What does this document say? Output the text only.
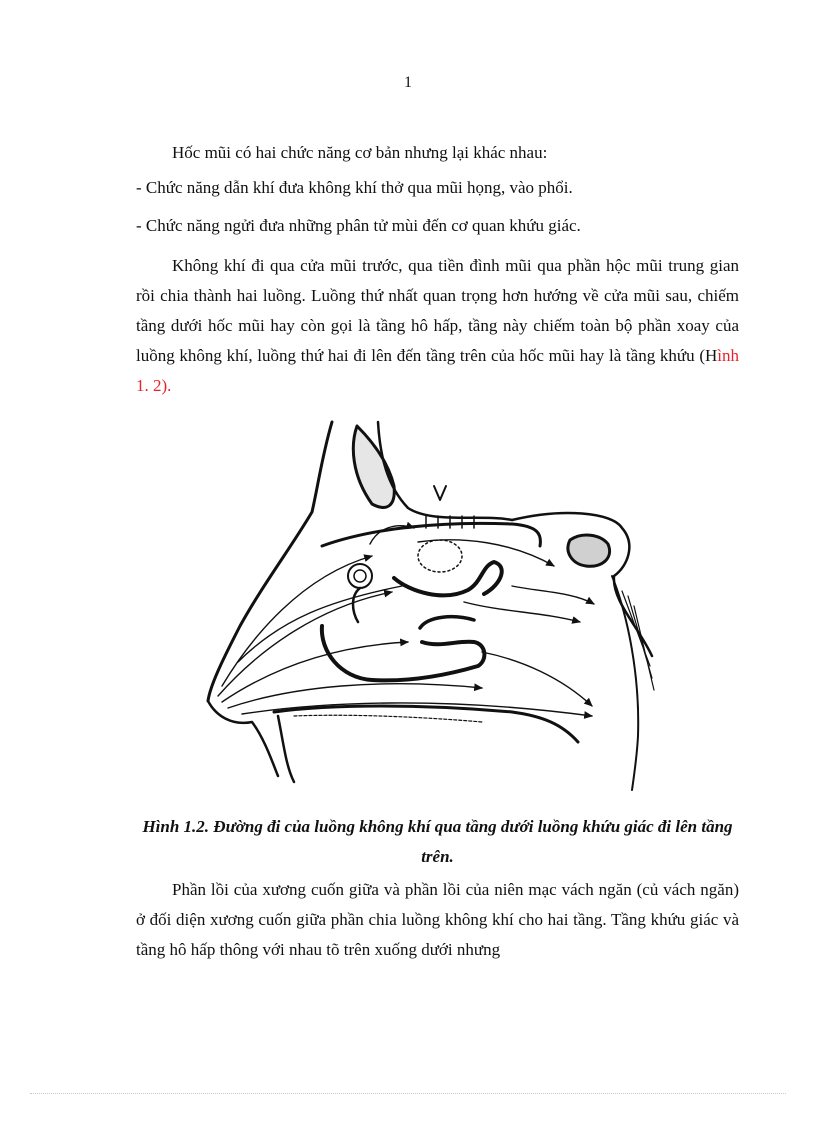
1

Hốc mũi có hai chức năng cơ bản nhưng lại khác nhau:

- Chức năng dẫn khí đưa không khí thở qua mũi họng, vào phổi.

- Chức năng ngửi đưa những phân tử mùi đến cơ quan khứu giác.

Không khí đi qua cửa mũi trước, qua tiền đình mũi qua phần hộc mũi trung gian rồi chia thành hai luồng. Luồng thứ nhất quan trọng hơn hướng về cửa mũi sau, chiếm tầng dưới hốc mũi hay còn gọi là tầng hô hấp, tầng này chiếm toàn bộ phần xoay của luồng không khí, luồng thứ hai đi lên đến tầng trên của hốc mũi hay là tầng khứu (Hình 1. 2).

Hình 1.2. Đường đi của luồng không khí qua tầng dưới luồng khứu giác đi lên tầng trên.

Phần lồi của xương cuốn giữa và phần lồi của niên mạc vách ngăn (củ vách ngăn) ở đối diện xương cuốn giữa phần chia luồng không khí cho hai tầng. Tầng khứu giác và tầng hô hấp thông với nhau tõ trên xuống dưới nhưng
